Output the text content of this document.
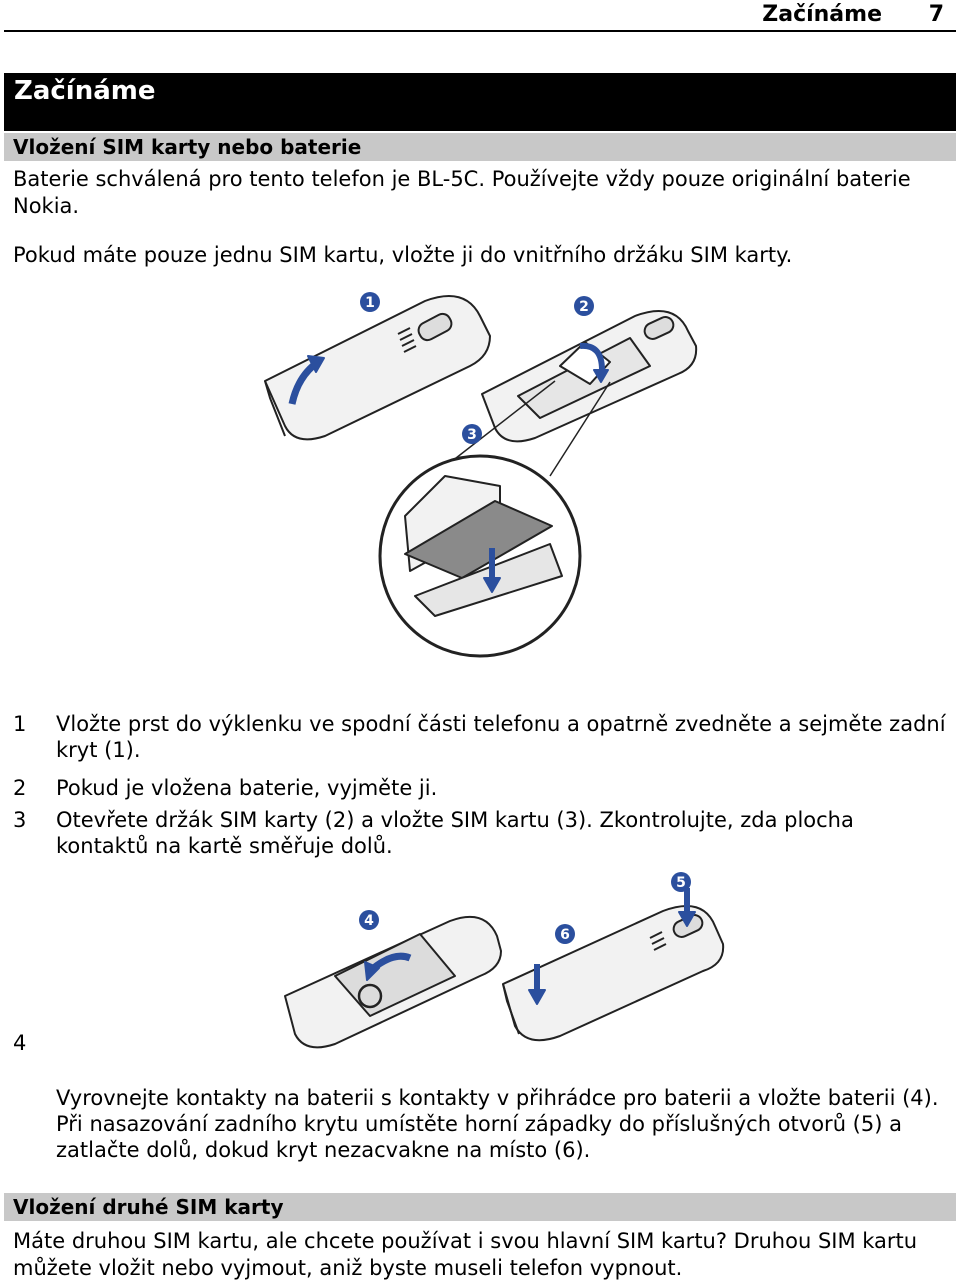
Začínáme 7
Začínáme
Vložení SIM karty nebo baterie
Baterie schválená pro tento telefon je BL-5C. Používejte vždy pouze originální baterie Nokia.
Pokud máte pouze jednu SIM kartu, vložte ji do vnitřního držáku SIM karty.
1	2
3
1 Vložte prst do výklenku ve spodní části telefonu a opatrně zvedněte a sejměte zadní kryt (1).
2 Pokud je vložena baterie, vyjměte ji.
3 Otevřete držák SIM karty (2) a vložte SIM kartu (3). Zkontrolujte, zda plocha kontaktů na kartě směřuje dolů.
4
5
6
4
Vyrovnejte kontakty na baterii s kontakty v přihrádce pro baterii a vložte baterii (4). Při nasazování zadního krytu umístěte horní západky do příslušných otvorů (5) a zatlačte dolů, dokud kryt nezacvakne na místo (6).
Vložení druhé SIM karty
Máte druhou SIM kartu, ale chcete používat i svou hlavní SIM kartu? Druhou SIM kartu můžete vložit nebo vyjmout, aniž byste museli telefon vypnout.
